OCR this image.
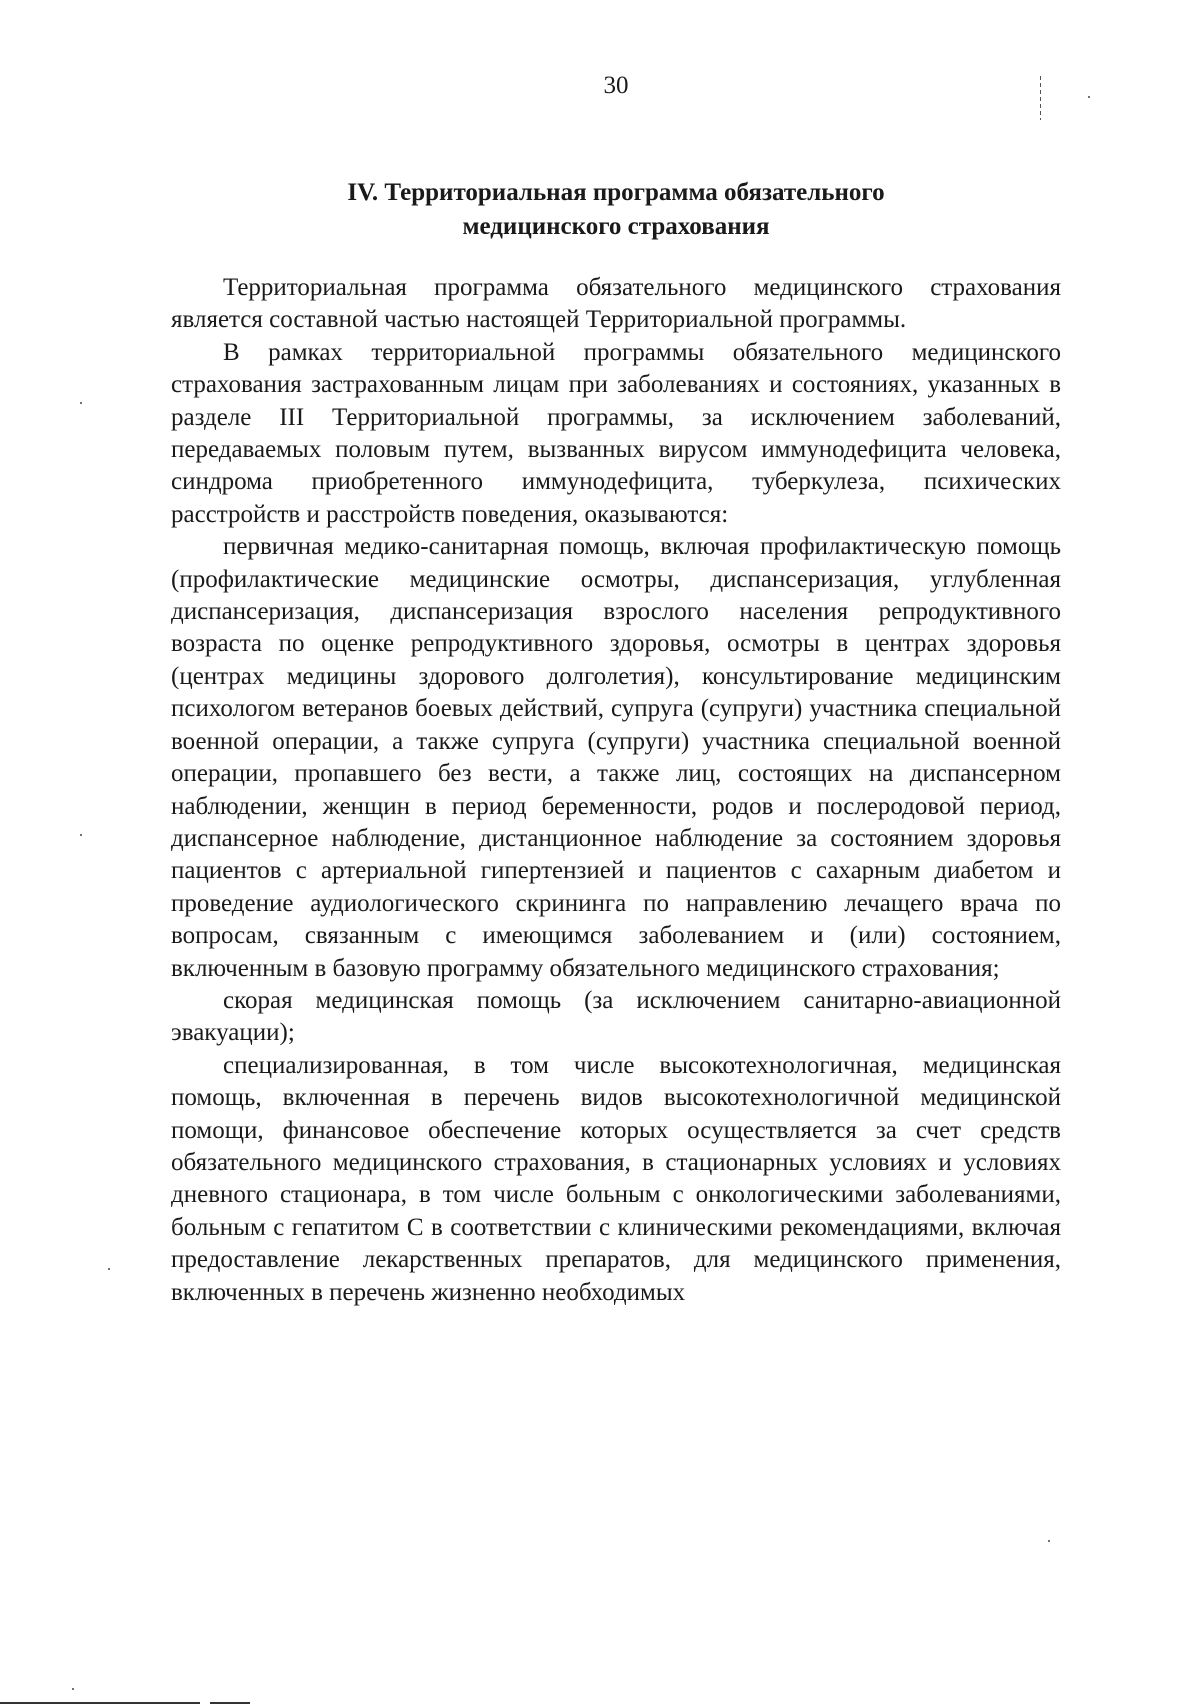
30
IV. Территориальная программа обязательного
медицинского страхования

Территориальная программа обязательного медицинского страхования является составной частью настоящей Территориальной программы.

В рамках территориальной программы обязательного медицинского страхования застрахованным лицам при заболеваниях и состояниях, указанных в разделе III Территориальной программы, за исключением заболеваний, передаваемых половым путем, вызванных вирусом иммунодефицита человека, синдрома приобретенного иммунодефицита, туберкулеза, психических расстройств и расстройств поведения, оказываются:

первичная медико-санитарная помощь, включая профилактическую помощь (профилактические медицинские осмотры, диспансеризация, углубленная диспансеризация, диспансеризация взрослого населения репродуктивного возраста по оценке репродуктивного здоровья, осмотры в центрах здоровья (центрах медицины здорового долголетия), консультирование медицинским психологом ветеранов боевых действий, супруга (супруги) участника специальной военной операции, а также супруга (супруги) участника специальной военной операции, пропавшего без вести, а также лиц, состоящих на диспансерном наблюдении, женщин в период беременности, родов и послеродовой период, диспансерное наблюдение, дистанционное наблюдение за состоянием здоровья пациентов с артериальной гипертензией и пациентов с сахарным диабетом и проведение аудиологического скрининга по направлению лечащего врача по вопросам, связанным с имеющимся заболеванием и (или) состоянием, включенным в базовую программу обязательного медицинского страхования;

скорая медицинская помощь (за исключением санитарно-авиационной эвакуации);

специализированная, в том числе высокотехнологичная, медицинская помощь, включенная в перечень видов высокотехнологичной медицинской помощи, финансовое обеспечение которых осуществляется за счет средств обязательного медицинского страхования, в стационарных условиях и условиях дневного стационара, в том числе больным с онкологическими заболеваниями, больным с гепатитом С в соответствии с клиническими рекомендациями, включая предоставление лекарственных препаратов, для медицинского применения, включенных в перечень жизненно необходимых
